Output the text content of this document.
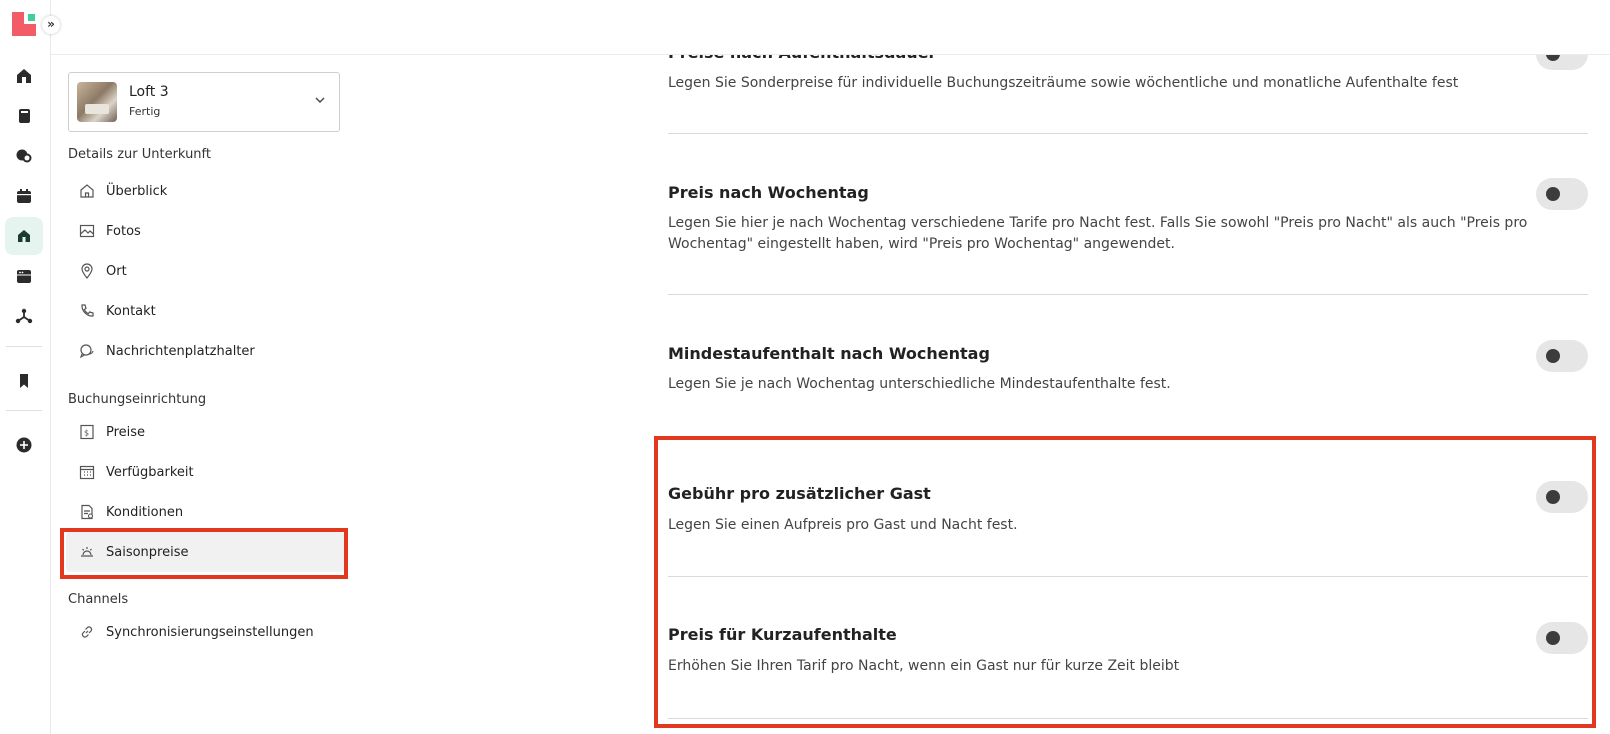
»
Loft 3
Fertig
Details zur Unterkunft
Überblick
Fotos
Ort
Kontakt
Nachrichtenplatzhalter
Buchungseinrichtung
$ Preise
Verfügbarkeit
Konditionen
Saisonpreise
Channels
Synchronisierungseinstellungen
Legen Sie Sonderpreise für individuelle Buchungszeiträume sowie wöchentliche und monatliche Aufenthalte fest
Preis nach Wochentag
Legen Sie hier je nach Wochentag verschiedene Tarife pro Nacht fest. Falls Sie sowohl "Preis pro Nacht" als auch "Preis pro Wochentag" eingestellt haben, wird "Preis pro Wochentag" angewendet.
Mindestaufenthalt nach Wochentag
Legen Sie je nach Wochentag unterschiedliche Mindestaufenthalte fest.
Gebühr pro zusätzlicher Gast
Legen Sie einen Aufpreis pro Gast und Nacht fest.
Preis für Kurzaufenthalte
Erhöhen Sie Ihren Tarif pro Nacht, wenn ein Gast nur für kurze Zeit bleibt
